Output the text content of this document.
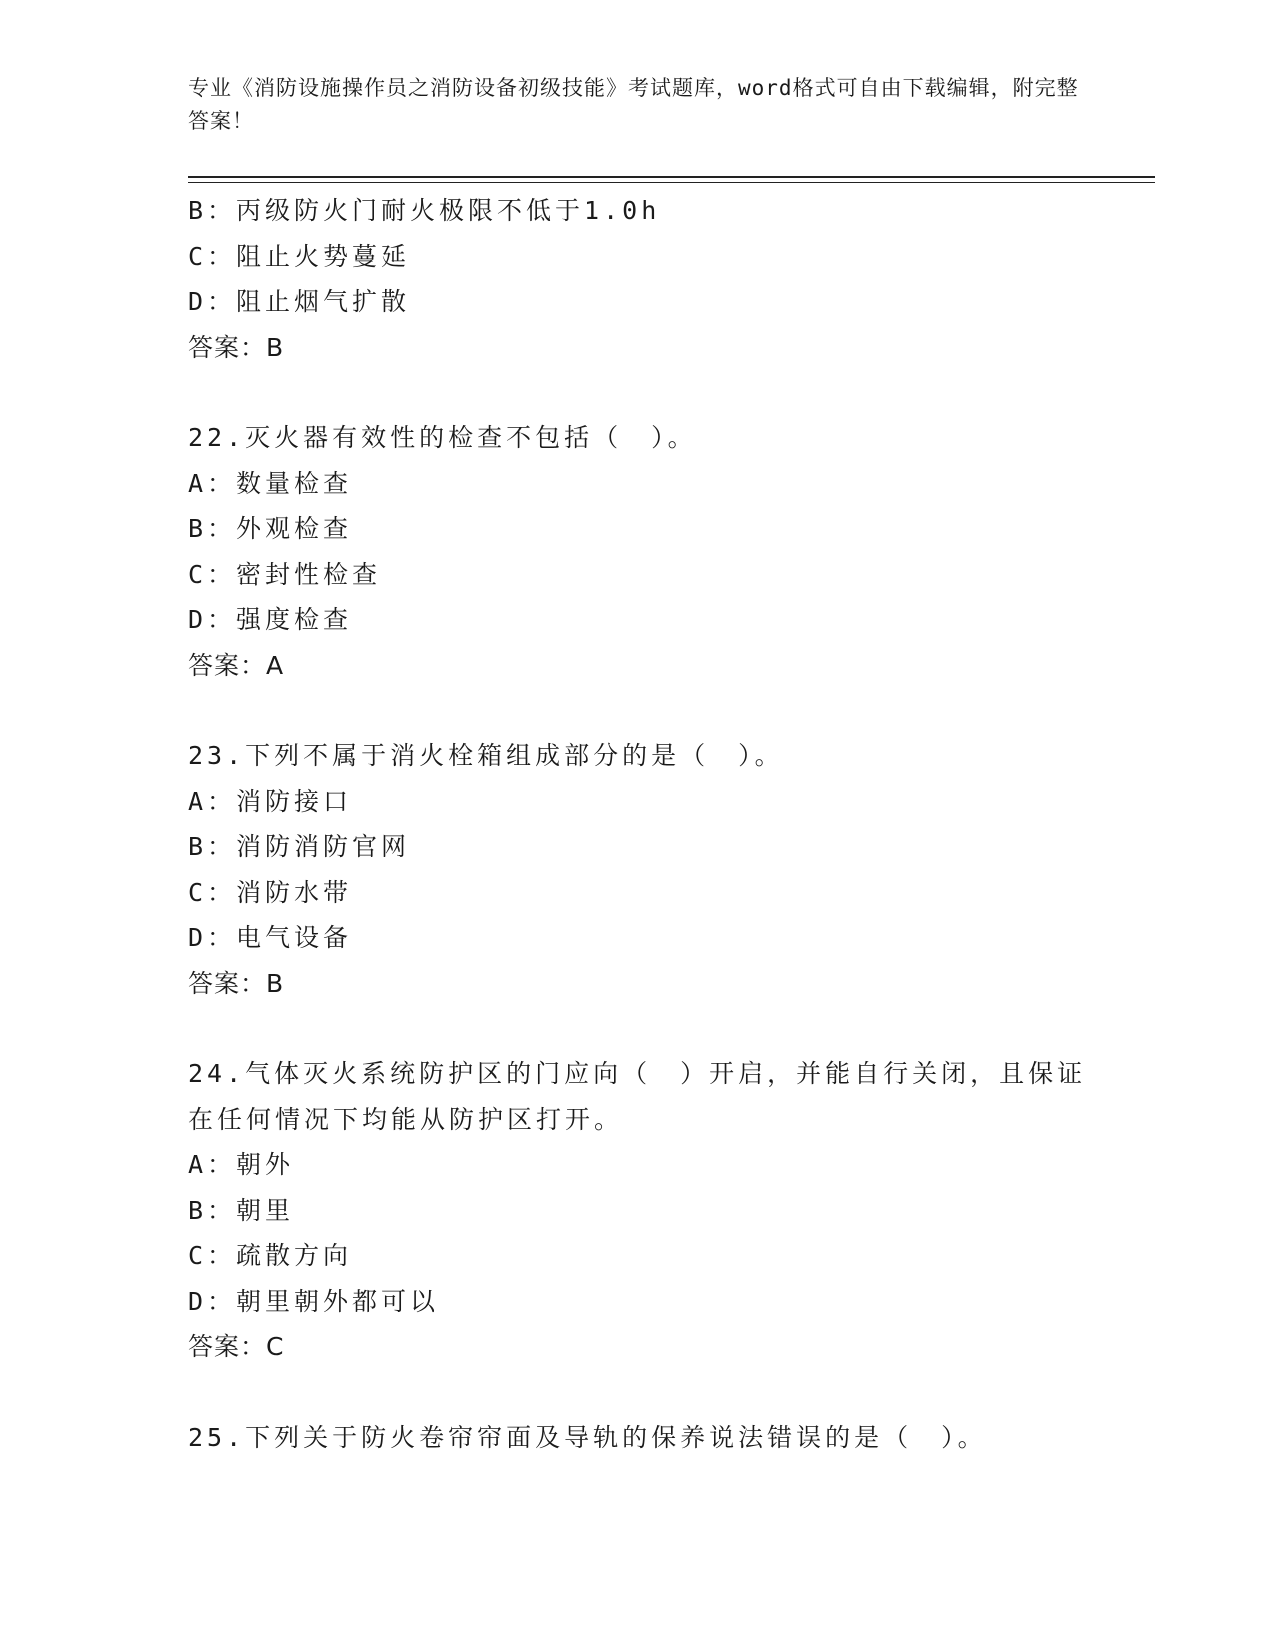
专业《消防设施操作员之消防设备初级技能》考试题库，word格式可自由下载编辑，附完整答案！
B：丙级防火门耐火极限不低于1.0h
C：阻止火势蔓延
D：阻止烟气扩散
答案：B
22.灭火器有效性的检查不包括（　）。
A：数量检查
B：外观检查
C：密封性检查
D：强度检查
答案：A
23.下列不属于消火栓箱组成部分的是（　）。
A：消防接口
B：消防消防官网
C：消防水带
D：电气设备
答案：B
24.气体灭火系统防护区的门应向（　）开启，并能自行关闭，且保证
在任何情况下均能从防护区打开。
A：朝外
B：朝里
C：疏散方向
D：朝里朝外都可以
答案：C
25.下列关于防火卷帘帘面及导轨的保养说法错误的是（　）。
